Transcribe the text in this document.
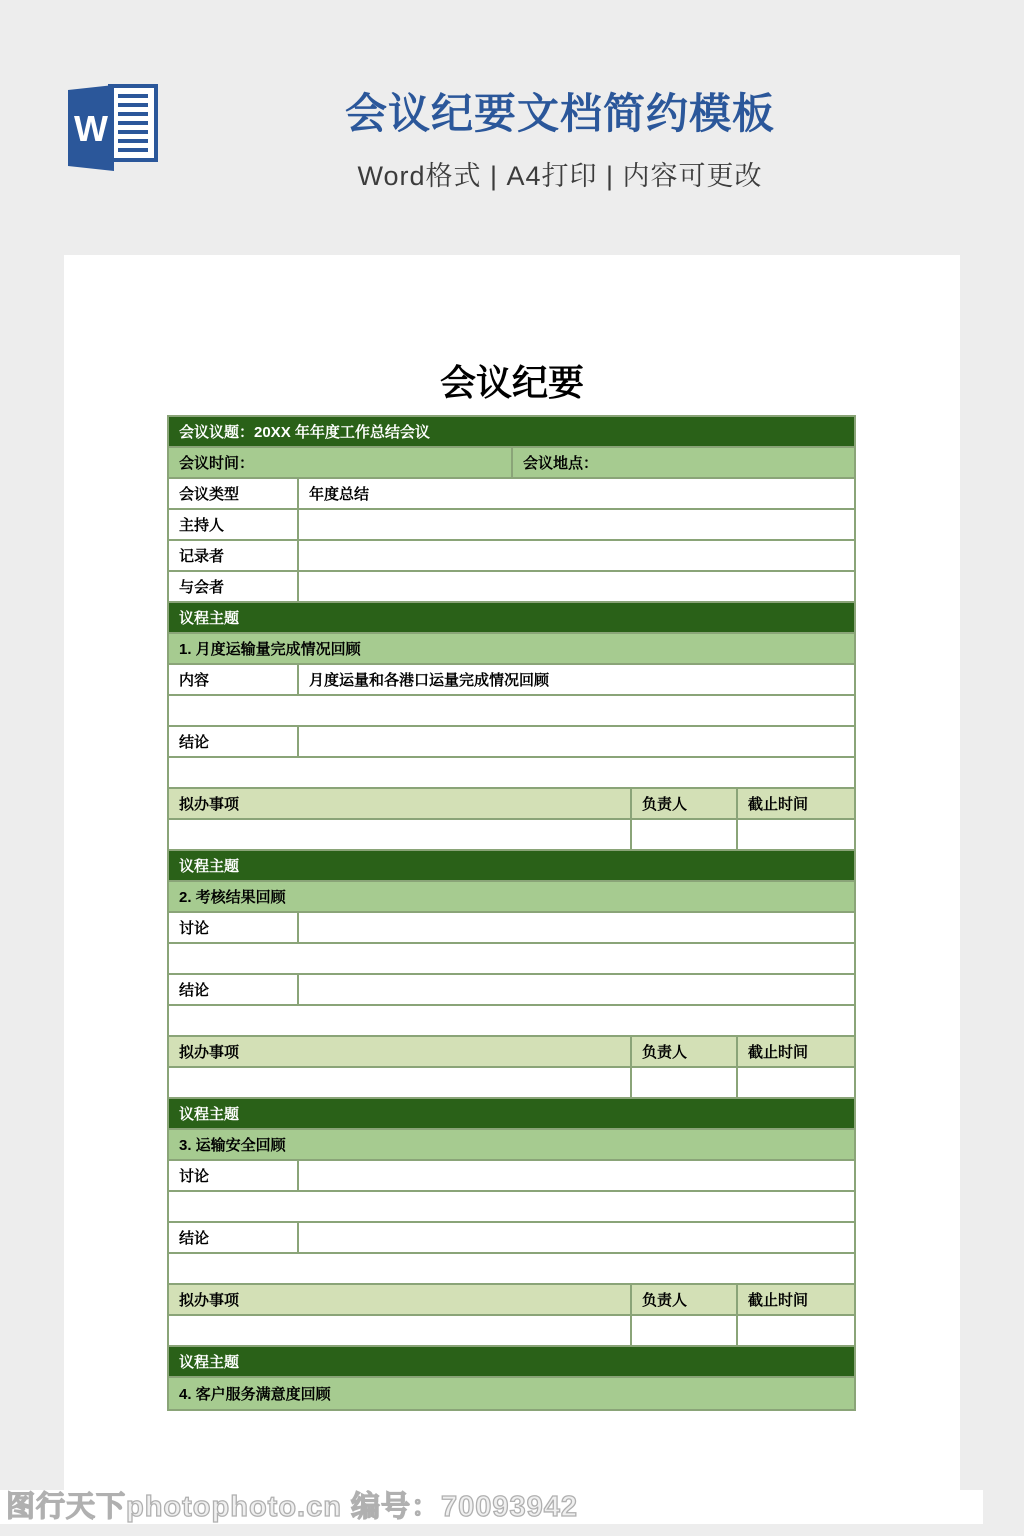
W	会议纪要文档简约模板
Word格式 | A4打印 | 内容可更改
会议纪要
会议议题：20XX 年年度工作总结会议
会议时间：	会议地点：
会议类型	年度总结
主持人
记录者
与会者
议程主题
1. 月度运输量完成情况回顾
内容	月度运量和各港口运量完成情况回顾
结论
拟办事项	负责人	截止时间
议程主题
2. 考核结果回顾
讨论
结论
拟办事项	负责人	截止时间
议程主题
3. 运输安全回顾
讨论
结论
拟办事项	负责人	截止时间
议程主题
4. 客户服务满意度回顾
图行天下photophoto.cn 编号：70093942
